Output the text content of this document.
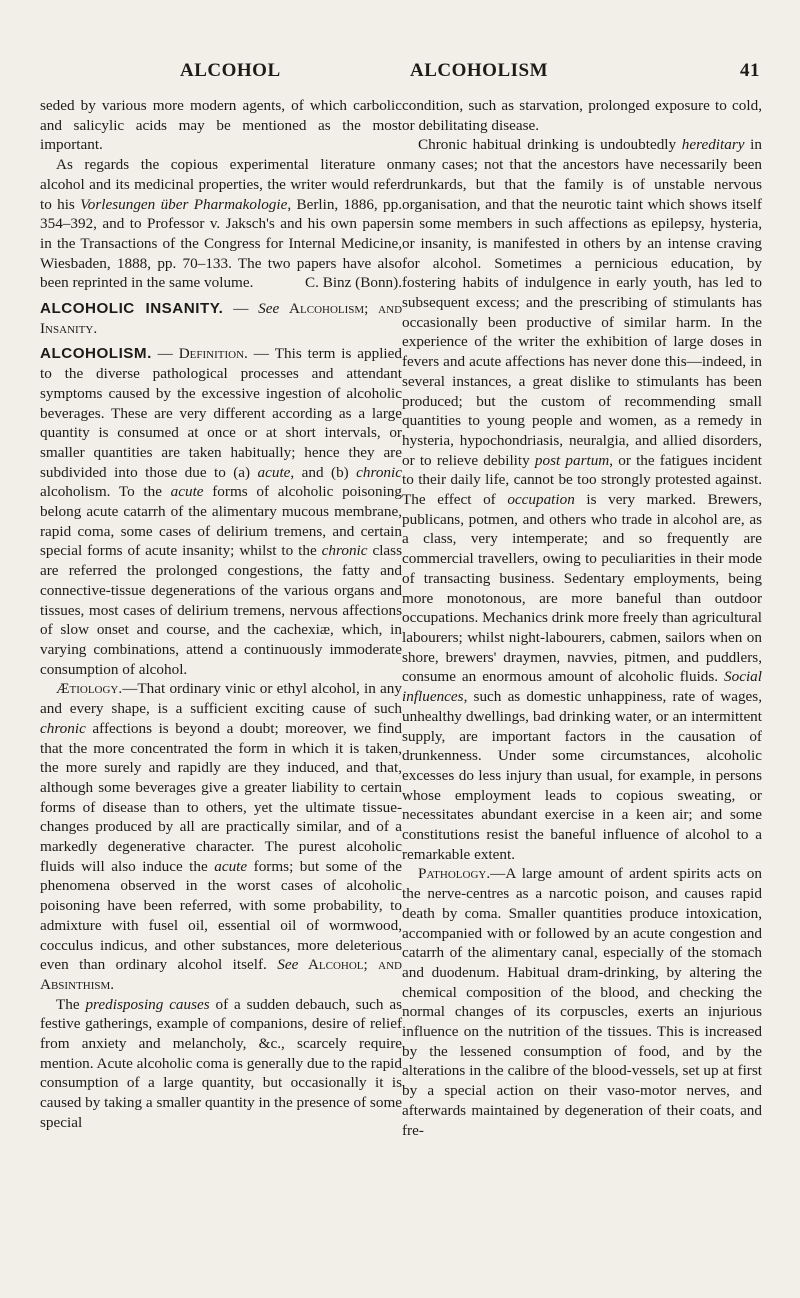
ALCOHOL	ALCOHOLISM	41

seded by various more modern agents, of which carbolic and salicylic acids may be mentioned as the most important.

As regards the copious experimental literature on alcohol and its medicinal properties, the writer would refer to his Vorlesungen über Pharmakologie, Berlin, 1886, pp. 354–392, and to Professor v. Jaksch's and his own papers in the Transactions of the Congress for Internal Medicine, Wiesbaden, 1888, pp. 70–133. The two papers have also been reprinted in the same volume.	C. Binz (Bonn).

ALCOHOLIC INSANITY. — See Alcoholism; and Insanity.

ALCOHOLISM. — Definition. — This term is applied to the diverse pathological processes and attendant symptoms caused by the excessive ingestion of alcoholic beverages. These are very different according as a large quantity is consumed at once or at short intervals, or smaller quantities are taken habitually; hence they are subdivided into those due to (a) acute, and (b) chronic alcoholism. To the acute forms of alcoholic poisoning belong acute catarrh of the alimentary mucous membrane, rapid coma, some cases of delirium tremens, and certain special forms of acute insanity; whilst to the chronic class are referred the prolonged congestions, the fatty and connective-tissue degenerations of the various organs and tissues, most cases of delirium tremens, nervous affections of slow onset and course, and the cachexiæ, which, in varying combinations, attend a continuously immoderate consumption of alcohol.

Ætiology.—That ordinary vinic or ethyl alcohol, in any and every shape, is a sufficient exciting cause of such chronic affections is beyond a doubt; moreover, we find that the more concentrated the form in which it is taken, the more surely and rapidly are they induced, and that, although some beverages give a greater liability to certain forms of disease than to others, yet the ultimate tissue-changes produced by all are practically similar, and of a markedly degenerative character. The purest alcoholic fluids will also induce the acute forms; but some of the phenomena observed in the worst cases of alcoholic poisoning have been referred, with some probability, to admixture with fusel oil, essential oil of wormwood, cocculus indicus, and other substances, more deleterious even than ordinary alcohol itself. See Alcohol; and Absinthism.

The predisposing causes of a sudden debauch, such as festive gatherings, example of companions, desire of relief from anxiety and melancholy, &c., scarcely require mention. Acute alcoholic coma is generally due to the rapid consumption of a large quantity, but occasionally it is caused by taking a smaller quantity in the presence of some special

condition, such as starvation, prolonged exposure to cold, or debilitating disease.

Chronic habitual drinking is undoubtedly hereditary in many cases; not that the ancestors have necessarily been drunkards, but that the family is of unstable nervous organisation, and that the neurotic taint which shows itself in some members in such affections as epilepsy, hysteria, or insanity, is manifested in others by an intense craving for alcohol. Sometimes a pernicious education, by fostering habits of indulgence in early youth, has led to subsequent excess; and the prescribing of stimulants has occasionally been productive of similar harm. In the experience of the writer the exhibition of large doses in fevers and acute affections has never done this—indeed, in several instances, a great dislike to stimulants has been produced; but the custom of recommending small quantities to young people and women, as a remedy in hysteria, hypochondriasis, neuralgia, and allied disorders, or to relieve debility post partum, or the fatigues incident to their daily life, cannot be too strongly protested against. The effect of occupation is very marked. Brewers, publicans, potmen, and others who trade in alcohol are, as a class, very intemperate; and so frequently are commercial travellers, owing to peculiarities in their mode of transacting business. Sedentary employments, being more monotonous, are more baneful than outdoor occupations. Mechanics drink more freely than agricultural labourers; whilst night-labourers, cabmen, sailors when on shore, brewers' draymen, navvies, pitmen, and puddlers, consume an enormous amount of alcoholic fluids. Social influences, such as domestic unhappiness, rate of wages, unhealthy dwellings, bad drinking water, or an intermittent supply, are important factors in the causation of drunkenness. Under some circumstances, alcoholic excesses do less injury than usual, for example, in persons whose employment leads to copious sweating, or necessitates abundant exercise in a keen air; and some constitutions resist the baneful influence of alcohol to a remarkable extent.

Pathology.—A large amount of ardent spirits acts on the nerve-centres as a narcotic poison, and causes rapid death by coma. Smaller quantities produce intoxication, accompanied with or followed by an acute congestion and catarrh of the alimentary canal, especially of the stomach and duodenum. Habitual dram-drinking, by altering the chemical composition of the blood, and checking the normal changes of its corpuscles, exerts an injurious influence on the nutrition of the tissues. This is increased by the lessened consumption of food, and by the alterations in the calibre of the blood-vessels, set up at first by a special action on their vaso-motor nerves, and afterwards maintained by degeneration of their coats, and fre-
